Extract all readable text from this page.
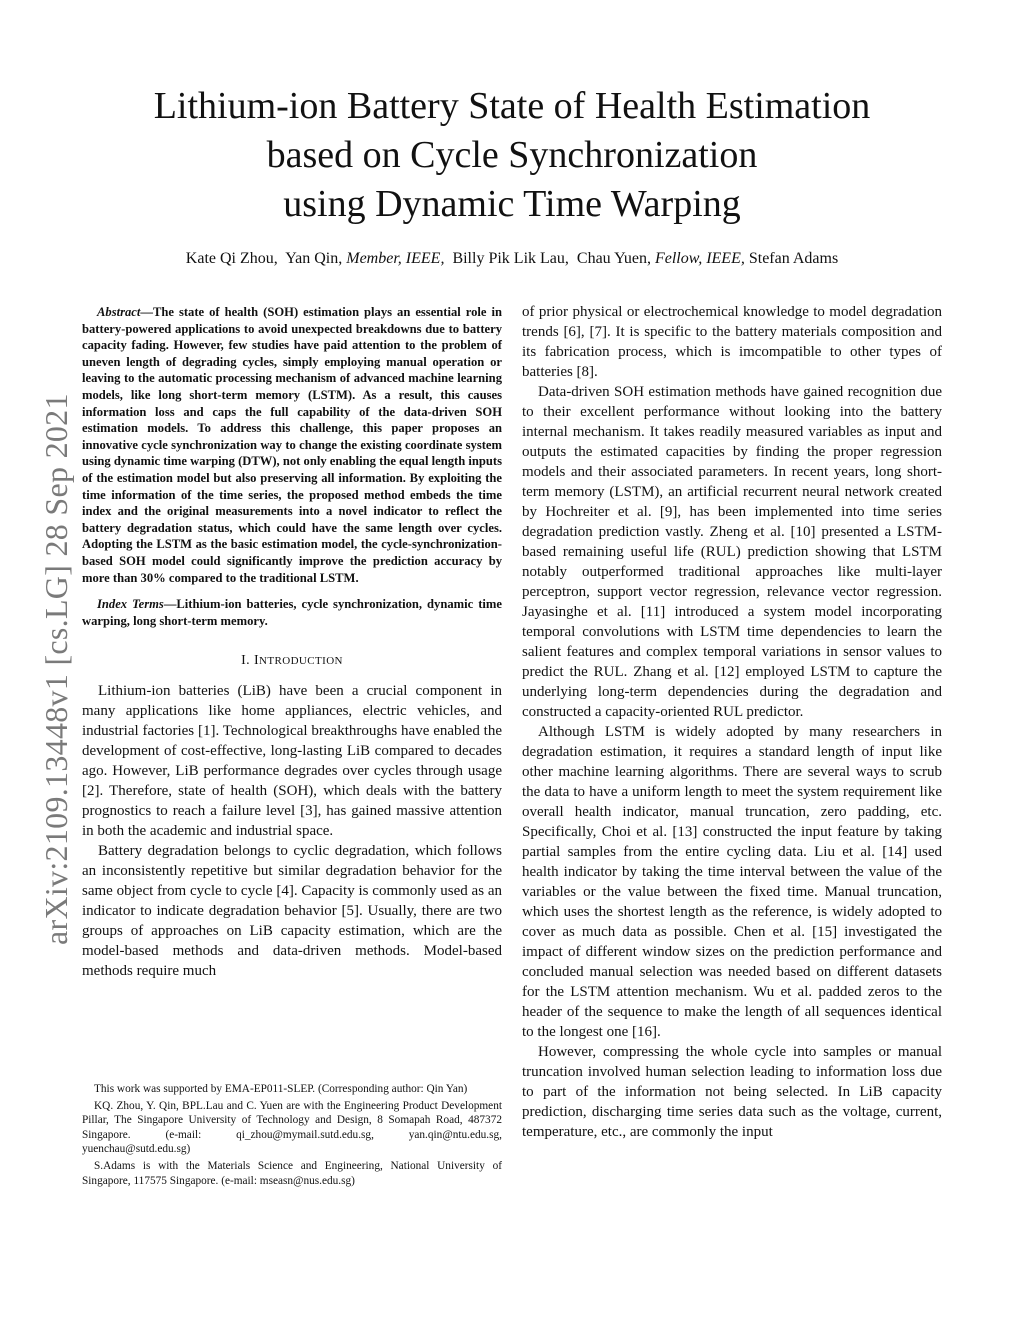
arXiv:2109.13448v1 [cs.LG] 28 Sep 2021
Lithium-ion Battery State of Health Estimation
based on Cycle Synchronization
using Dynamic Time Warping
Kate Qi Zhou, Yan Qin, Member, IEEE, Billy Pik Lik Lau, Chau Yuen, Fellow, IEEE, Stefan Adams

Abstract—The state of health (SOH) estimation plays an essential role in battery-powered applications to avoid unexpected breakdowns due to battery capacity fading. However, few studies have paid attention to the problem of uneven length of degrading cycles, simply employing manual operation or leaving to the automatic processing mechanism of advanced machine learning models, like long short-term memory (LSTM). As a result, this causes information loss and caps the full capability of the data-driven SOH estimation models. To address this challenge, this paper proposes an innovative cycle synchronization way to change the existing coordinate system using dynamic time warping (DTW), not only enabling the equal length inputs of the estimation model but also preserving all information. By exploiting the time information of the time series, the proposed method embeds the time index and the original measurements into a novel indicator to reflect the battery degradation status, which could have the same length over cycles. Adopting the LSTM as the basic estimation model, the cycle-synchronization-based SOH model could significantly improve the prediction accuracy by more than 30% compared to the traditional LSTM.

Index Terms—Lithium-ion batteries, cycle synchronization, dynamic time warping, long short-term memory.

I. INTRODUCTION

Lithium-ion batteries (LiB) have been a crucial component in many applications like home appliances, electric vehicles, and industrial factories [1]. Technological breakthroughs have enabled the development of cost-effective, long-lasting LiB compared to decades ago. However, LiB performance degrades over cycles through usage [2]. Therefore, state of health (SOH), which deals with the battery prognostics to reach a failure level [3], has gained massive attention in both the academic and industrial space.

Battery degradation belongs to cyclic degradation, which follows an inconsistently repetitive but similar degradation behavior for the same object from cycle to cycle [4]. Capacity is commonly used as an indicator to indicate degradation behavior [5]. Usually, there are two groups of approaches on LiB capacity estimation, which are the model-based methods and data-driven methods. Model-based methods require much

This work was supported by EMA-EP011-SLEP. (Corresponding author: Qin Yan)

KQ. Zhou, Y. Qin, BPL.Lau and C. Yuen are with the Engineering Product Development Pillar, The Singapore University of Technology and Design, 8 Somapah Road, 487372 Singapore. (e-mail: qi_zhou@mymail.sutd.edu.sg, yan.qin@ntu.edu.sg, yuenchau@sutd.edu.sg)

S.Adams is with the Materials Science and Engineering, National University of Singapore, 117575 Singapore. (e-mail: mseasn@nus.edu.sg)

of prior physical or electrochemical knowledge to model degradation trends [6], [7]. It is specific to the battery materials composition and its fabrication process, which is imcompatible to other types of batteries [8].

Data-driven SOH estimation methods have gained recognition due to their excellent performance without looking into the battery internal mechanism. It takes readily measured variables as input and outputs the estimated capacities by finding the proper regression models and their associated parameters. In recent years, long short-term memory (LSTM), an artificial recurrent neural network created by Hochreiter et al. [9], has been implemented into time series degradation prediction vastly. Zheng et al. [10] presented a LSTM-based remaining useful life (RUL) prediction showing that LSTM notably outperformed traditional approaches like multi-layer perceptron, support vector regression, relevance vector regression. Jayasinghe et al. [11] introduced a system model incorporating temporal convolutions with LSTM time dependencies to learn the salient features and complex temporal variations in sensor values to predict the RUL. Zhang et al. [12] employed LSTM to capture the underlying long-term dependencies during the degradation and constructed a capacity-oriented RUL predictor.

Although LSTM is widely adopted by many researchers in degradation estimation, it requires a standard length of input like other machine learning algorithms. There are several ways to scrub the data to have a uniform length to meet the system requirement like overall health indicator, manual truncation, zero padding, etc. Specifically, Choi et al. [13] constructed the input feature by taking partial samples from the entire cycling data. Liu et al. [14] used health indicator by taking the time interval between the value of the variables or the value between the fixed time. Manual truncation, which uses the shortest length as the reference, is widely adopted to cover as much data as possible. Chen et al. [15] investigated the impact of different window sizes on the prediction performance and concluded manual selection was needed based on different datasets for the LSTM attention mechanism. Wu et al. padded zeros to the header of the sequence to make the length of all sequences identical to the longest one [16].

However, compressing the whole cycle into samples or manual truncation involved human selection leading to information loss due to part of the information not being selected. In LiB capacity prediction, discharging time series data such as the voltage, current, temperature, etc., are commonly the input
